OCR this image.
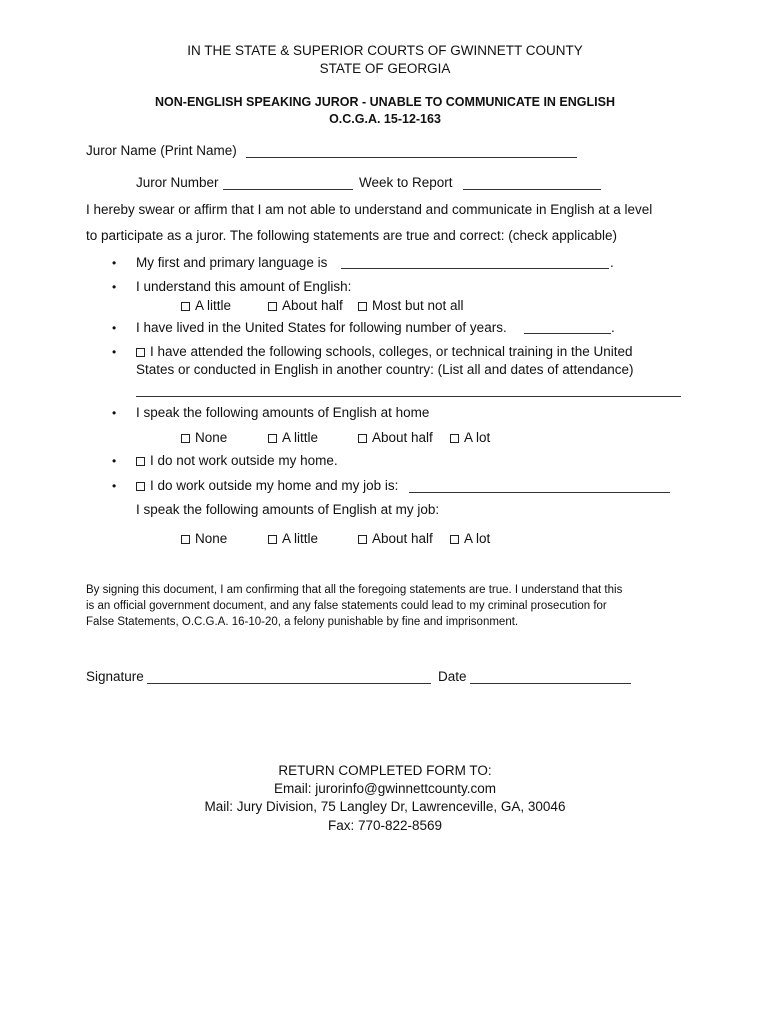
IN THE STATE & SUPERIOR COURTS OF GWINNETT COUNTY
STATE OF GEORGIA
NON-ENGLISH SPEAKING JUROR - UNABLE TO COMMUNICATE IN ENGLISH
O.C.G.A. 15-12-163
Juror Name (Print Name)
Juror Number	Week to Report
I hereby swear or affirm that I am not able to understand and communicate in English at a level
to participate as a juror. The following statements are true and correct: (check applicable)
• My first and primary language is	.
• I understand this amount of English:
A little	About half	Most but not all
• I have lived in the United States for following number of years.	.
•	I have attended the following schools, colleges, or technical training in the United
States or conducted in English in another country: (List all and dates of attendance)
• I speak the following amounts of English at home
None	A little	About half	A lot
•	I do not work outside my home.
•	I do work outside my home and my job is:
I speak the following amounts of English at my job:
None	A little	About half	A lot
By signing this document, I am confirming that all the foregoing statements are true. I understand that this
is an official government document, and any false statements could lead to my criminal prosecution for
False Statements, O.C.G.A. 16-10-20, a felony punishable by fine and imprisonment.
Signature	Date
RETURN COMPLETED FORM TO:
Email: jurorinfo@gwinnettcounty.com
Mail: Jury Division, 75 Langley Dr, Lawrenceville, GA, 30046
Fax: 770-822-8569
